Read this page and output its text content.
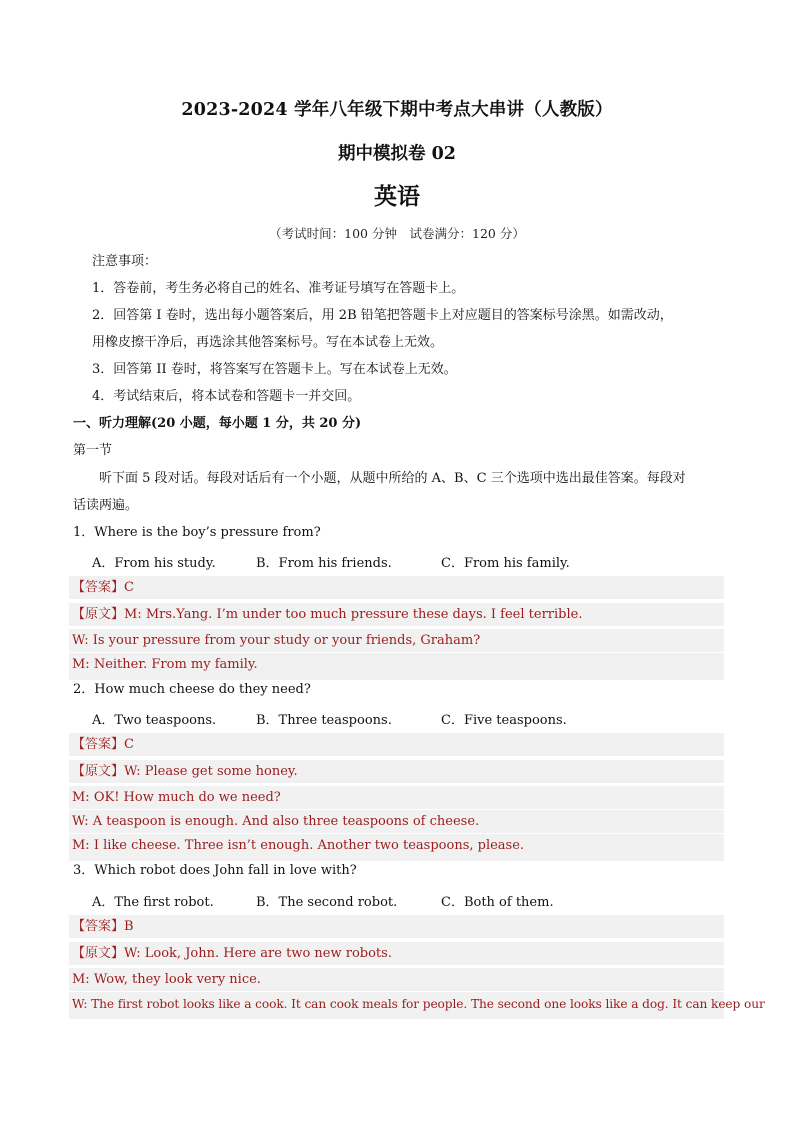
2023-2024 学年八年级下期中考点大串讲（人教版）
期中模拟卷 02
英语
（考试时间：100 分钟　试卷满分：120 分）
注意事项：
1．答卷前，考生务必将自己的姓名、准考证号填写在答题卡上。
2．回答第 I 卷时，选出每小题答案后，用 2B 铅笔把答题卡上对应题目的答案标号涂黑。如需改动，
用橡皮擦干净后，再选涂其他答案标号。写在本试卷上无效。
3．回答第 II 卷时，将答案写在答题卡上。写在本试卷上无效。
4．考试结束后，将本试卷和答题卡一并交回。
一、听力理解(20 小题，每小题 1 分，共 20 分)
第一节
听下面 5 段对话。每段对话后有一个小题，从题中所给的 A、B、C 三个选项中选出最佳答案。每段对
话读两遍。
1．Where is the boy’s pressure from?
A．From his study.	B．From his friends.	C．From his family.
【答案】C
【原文】M: Mrs.Yang. I’m under too much pressure these days. I feel terrible.
W: Is your pressure from your study or your friends, Graham?
M: Neither. From my family.
2．How much cheese do they need?
A．Two teaspoons.	B．Three teaspoons.	C．Five teaspoons.
【答案】C
【原文】W: Please get some honey.
M: OK! How much do we need?
W: A teaspoon is enough. And also three teaspoons of cheese.
M: I like cheese. Three isn’t enough. Another two teaspoons, please.
3．Which robot does John fall in love with?
A．The first robot.	B．The second robot.	C．Both of them.
【答案】B
【原文】W: Look, John. Here are two new robots.
M: Wow, they look very nice.
W: The first robot looks like a cook. It can cook meals for people. The second one looks like a dog. It can keep our
